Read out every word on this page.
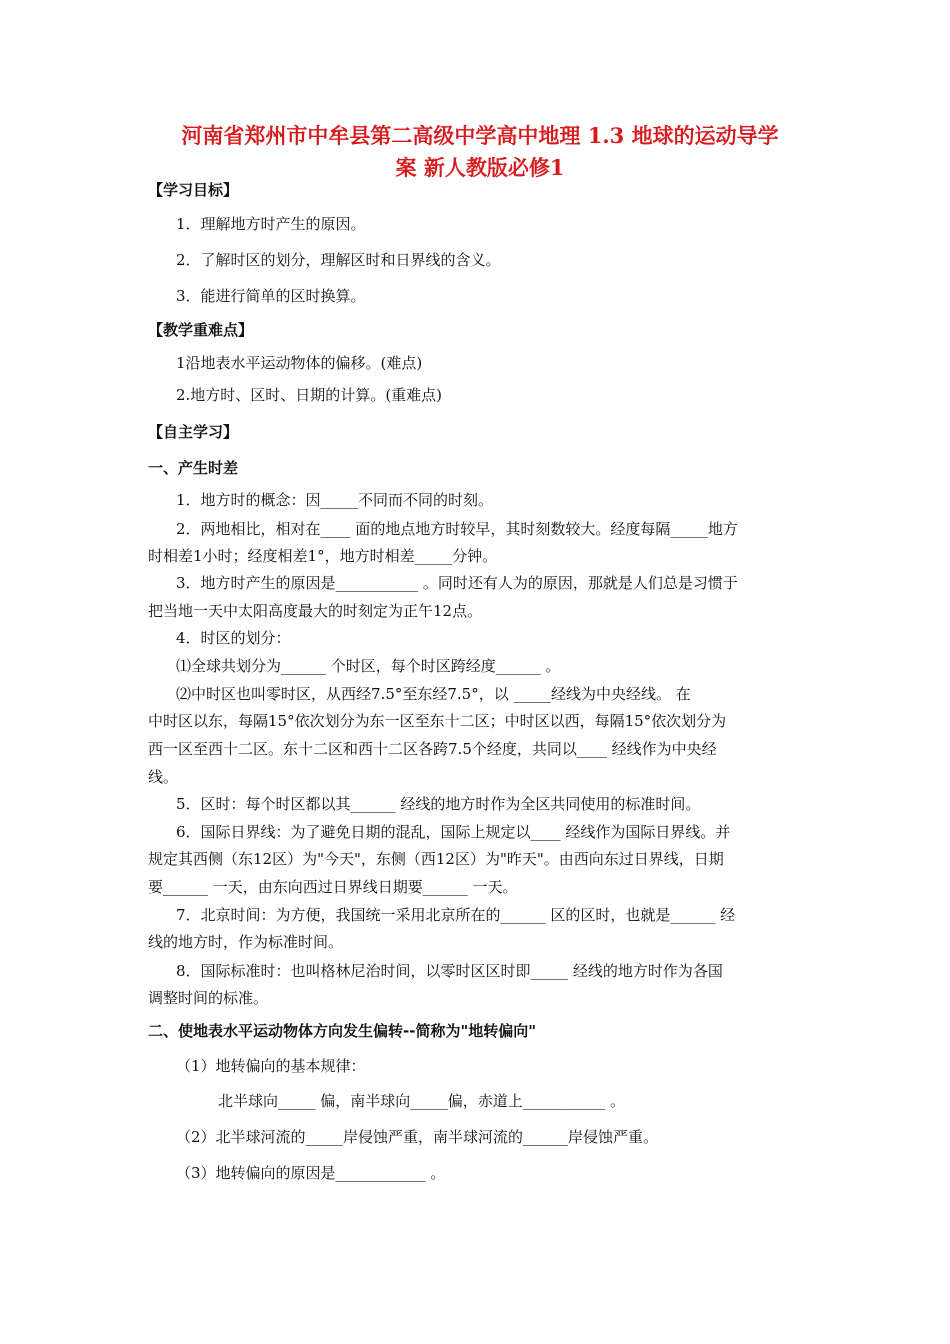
河南省郑州市中牟县第二高级中学高中地理 1.3 地球的运动导学
案 新人教版必修1
【学习目标】
1．理解地方时产生的原因。
2．了解时区的划分，理解区时和日界线的含义。
3．能进行简单的区时换算。
【教学重难点】
1沿地表水平运动物体的偏移。(难点)
2.地方时、区时、日期的计算。(重难点)
【自主学习】
一、产生时差
1．地方时的概念：因_____不同而不同的时刻。
2．两地相比，相对在____ 面的地点地方时较早，其时刻数较大。经度每隔_____地方
时相差1小时；经度相差1°，地方时相差_____分钟。
3．地方时产生的原因是___________ 。同时还有人为的原因，那就是人们总是习惯于
把当地一天中太阳高度最大的时刻定为正午12点。
4．时区的划分：
⑴全球共划分为______ 个时区，每个时区跨经度______ 。
⑵中时区也叫零时区，从西经7.5°至东经7.5°，以 _____经线为中央经线。 在
中时区以东，每隔15°依次划分为东一区至东十二区；中时区以西，每隔15°依次划分为
西一区至西十二区。东十二区和西十二区各跨7.5个经度，共同以____ 经线作为中央经
线。
5．区时：每个时区都以其______ 经线的地方时作为全区共同使用的标准时间。
6．国际日界线：为了避免日期的混乱，国际上规定以____ 经线作为国际日界线。并
规定其西侧（东12区）为"今天"，东侧（西12区）为"昨天"。由西向东过日界线，日期
要______ 一天，由东向西过日界线日期要______ 一天。
7．北京时间：为方便，我国统一采用北京所在的______ 区的区时，也就是______ 经
线的地方时，作为标准时间。
8．国际标准时：也叫格林尼治时间，以零时区区时即_____ 经线的地方时作为各国
调整时间的标准。
二、使地表水平运动物体方向发生偏转--简称为"地转偏向"
（1）地转偏向的基本规律：
北半球向_____ 偏，南半球向_____偏，赤道上___________ 。
（2）北半球河流的_____岸侵蚀严重，南半球河流的______岸侵蚀严重。
（3）地转偏向的原因是____________ 。
